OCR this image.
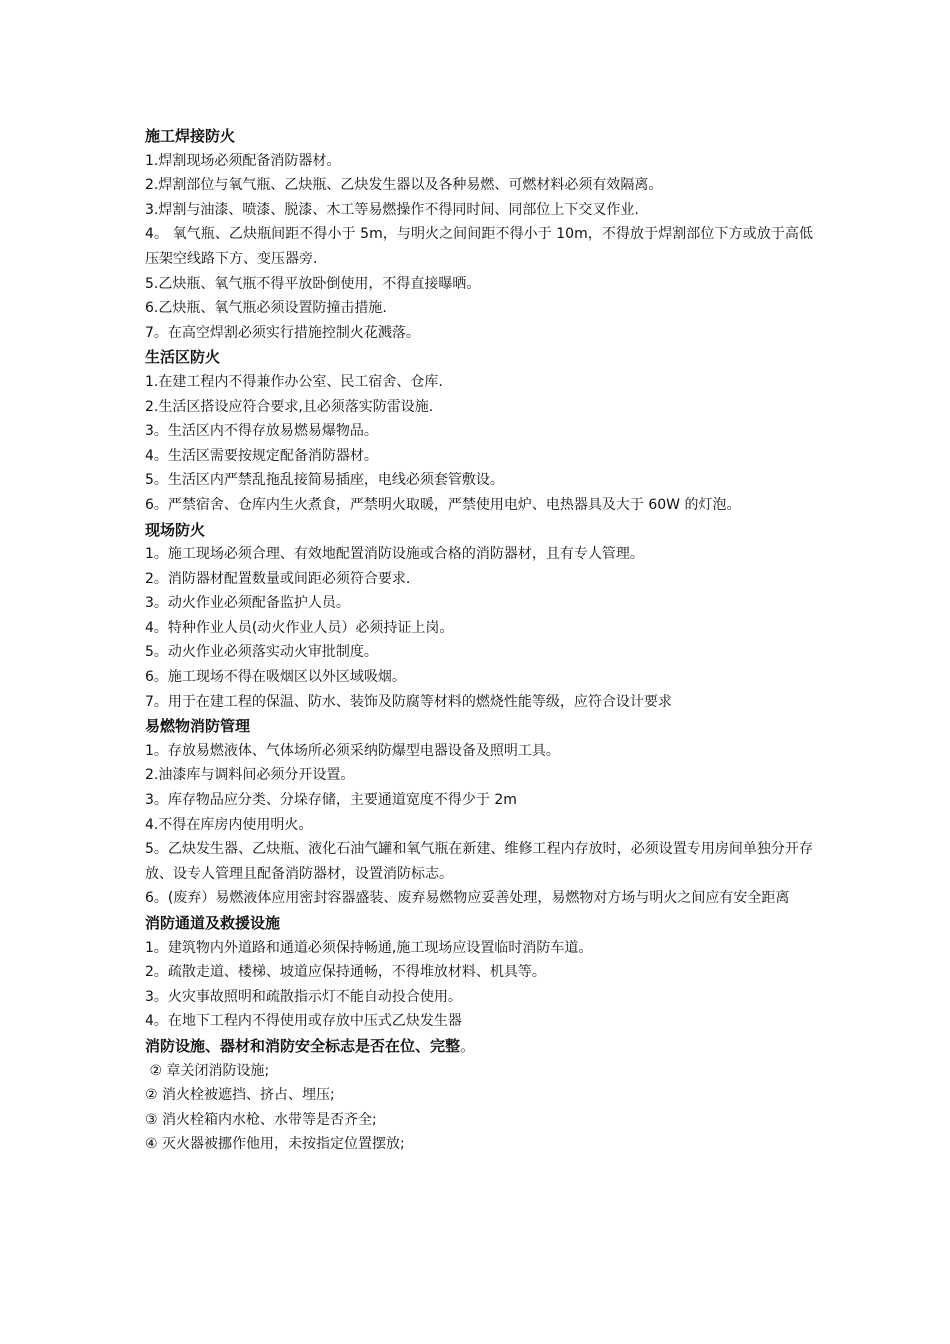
施工焊接防火
1.焊割现场必须配备消防器材。
2.焊割部位与氧气瓶、乙炔瓶、乙炔发生器以及各种易燃、可燃材料必须有效隔离。
3.焊割与油漆、喷漆、脱漆、木工等易燃操作不得同时间、同部位上下交叉作业.
4。 氧气瓶、乙炔瓶间距不得小于 5m，与明火之间间距不得小于 10m，不得放于焊割部位下方或放于高低压架空线路下方、变压器旁.
5.乙炔瓶、氧气瓶不得平放卧倒使用，不得直接曝晒。
6.乙炔瓶、氧气瓶必须设置防撞击措施.
7。在高空焊割必须实行措施控制火花溅落。
生活区防火
1.在建工程内不得兼作办公室、民工宿舍、仓库.
2.生活区搭设应符合要求,且必须落实防雷设施.
3。生活区内不得存放易燃易爆物品。
4。生活区需要按规定配备消防器材。
5。生活区内严禁乱拖乱接简易插座，电线必须套管敷设。
6。严禁宿舍、仓库内生火煮食，严禁明火取暖，严禁使用电炉、电热器具及大于 60W 的灯泡。
现场防火
1。施工现场必须合理、有效地配置消防设施或合格的消防器材，且有专人管理。
2。消防器材配置数量或间距必须符合要求.
3。动火作业必须配备监护人员。
4。特种作业人员(动火作业人员）必须持证上岗。
5。动火作业必须落实动火审批制度。
6。施工现场不得在吸烟区以外区域吸烟。
7。用于在建工程的保温、防水、装饰及防腐等材料的燃烧性能等级，应符合设计要求
易燃物消防管理
1。存放易燃液体、气体场所必须采纳防爆型电器设备及照明工具。
2.油漆库与调料间必须分开设置。
3。库存物品应分类、分垛存储，主要通道宽度不得少于 2m
4.不得在库房内使用明火。
5。乙炔发生器、乙炔瓶、液化石油气罐和氧气瓶在新建、维修工程内存放时，必须设置专用房间单独分开存放、设专人管理且配备消防器材，设置消防标志。
6。(废弃）易燃液体应用密封容器盛装、废弃易燃物应妥善处理，易燃物对方场与明火之间应有安全距离
消防通道及救援设施
1。建筑物内外道路和通道必须保持畅通,施工现场应设置临时消防车道。
2。疏散走道、楼梯、坡道应保持通畅，不得堆放材料、机具等。
3。火灾事故照明和疏散指示灯不能自动投合使用。
4。在地下工程内不得使用或存放中压式乙炔发生器
消防设施、器材和消防安全标志是否在位、完整。
② 章关闭消防设施;
② 消火栓被遮挡、挤占、埋压;
③ 消火栓箱内水枪、水带等是否齐全;
④ 灭火器被挪作他用，未按指定位置摆放;
